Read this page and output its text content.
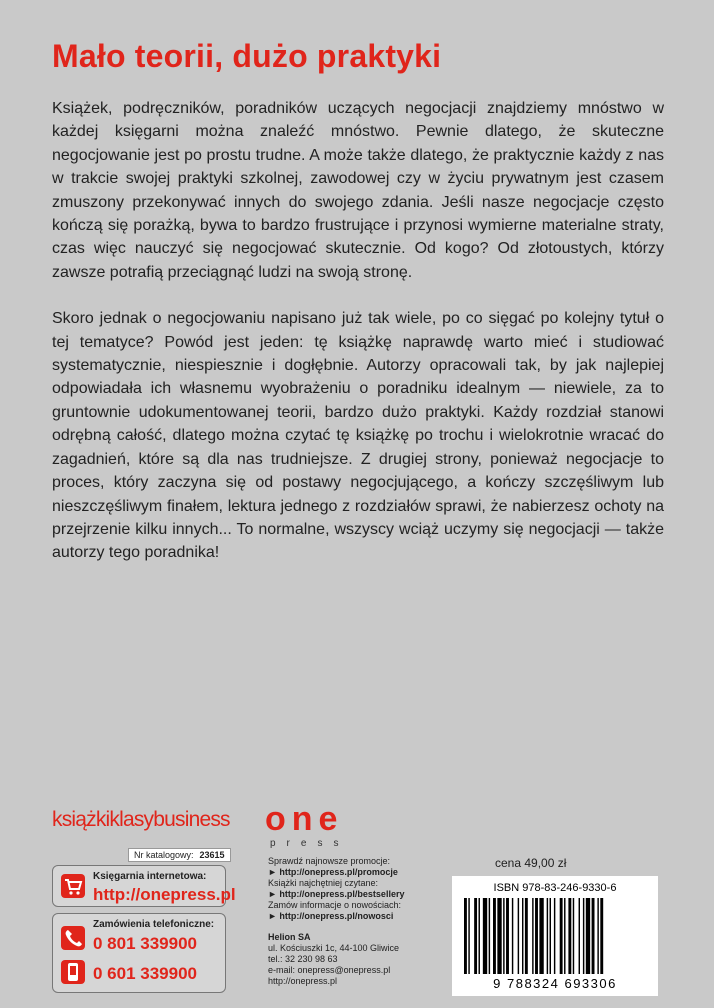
Mało teorii, dużo praktyki

Książek, podręczników, poradników uczących negocjacji znajdziemy mnóstwo w każdej księgarni można znaleźć mnóstwo. Pewnie dlatego, że skuteczne negocjowanie jest po prostu trudne. A może także dlatego, że praktycznie każdy z nas w trakcie swojej praktyki szkolnej, zawodowej czy w życiu prywatnym jest czasem zmuszony przekonywać innych do swojego zdania. Jeśli nasze negocjacje często kończą się porażką, bywa to bardzo frustrujące i przynosi wymierne materialne straty, czas więc nauczyć się negocjować skutecznie. Od kogo? Od złotoustych, którzy zawsze potrafią przeciągnąć ludzi na swoją stronę.

Skoro jednak o negocjowaniu napisano już tak wiele, po co sięgać po kolejny tytuł o tej tematyce? Powód jest jeden: tę książkę naprawdę warto mieć i studiować systematycznie, niespiesznie i dogłębnie. Autorzy opracowali tak, by jak najlepiej odpowiadała ich własnemu wyobrażeniu o poradniku idealnym — niewiele, za to gruntownie udokumentowanej teorii, bardzo dużo praktyki. Każdy rozdział stanowi odrębną całość, dlatego można czytać tę książkę po trochu i wielokrotnie wracać do zagadnień, które są dla nas trudniejsze. Z drugiej strony, ponieważ negocjacje to proces, który zaczyna się od postawy negocjującego, a kończy szczęśliwym lub nieszczęśliwym finałem, lektura jednego z rozdziałów sprawi, że nabierzesz ochoty na przejrzenie kilku innych... To normalne, wszyscy wciąż uczymy się negocjacji — także autorzy tego poradnika!

książkiklasybusiness
Nr katalogowy: 23615
Księgarnia internetowa:
http://onepress.pl
Zamówienia telefoniczne:
0 801 339900
0 601 339900
one
press
Sprawdź najnowsze promocje:
► http://onepress.pl/promocje
Książki najchętniej czytane:
► http://onepress.pl/bestsellery
Zamów informacje o nowościach:
► http://onepress.pl/nowosci
Helion SA
ul. Kościuszki 1c, 44-100 Gliwice
tel.: 32 230 98 63
e-mail: onepress@onepress.pl
http://onepress.pl
cena 49,00 zł
ISBN 978-83-246-9330-6
9 788324 693306
